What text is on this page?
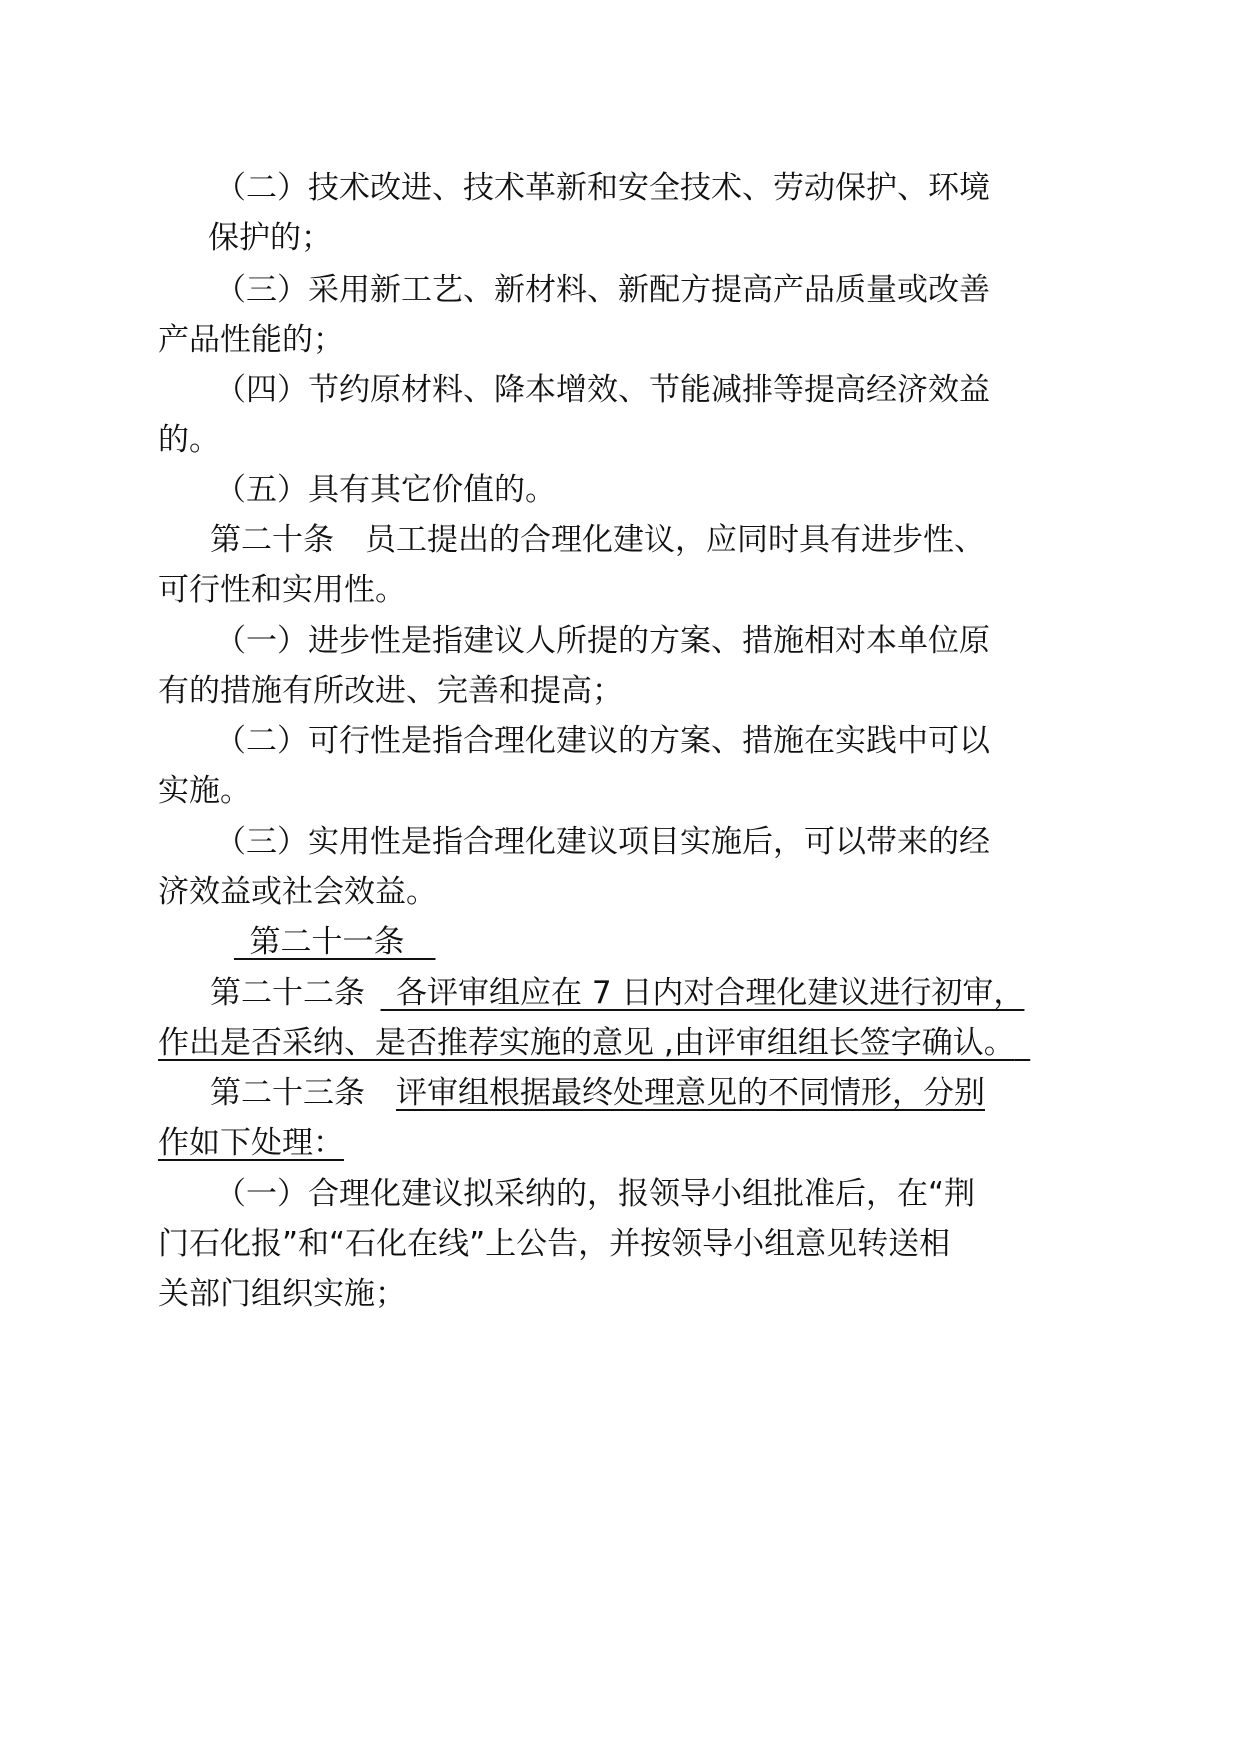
（二）技术改进、技术革新和安全技术、劳动保护、环境
保护的；
（三）采用新工艺、新材料、新配方提高产品质量或改善
产品性能的；
（四）节约原材料、降本增效、节能减排等提高经济效益
的。
（五）具有其它价值的。
第二十条　员工提出的合理化建议，应同时具有进步性、
可行性和实用性。
（一）进步性是指建议人所提的方案、措施相对本单位原
有的措施有所改进、完善和提高；
（二）可行性是指合理化建议的方案、措施在实践中可以
实施。
（三）实用性是指合理化建议项目实施后，可以带来的经
济效益或社会效益。
 第二十一条 
第二十二条   各评审组应在 7 日内对合理化建议进行初审，
作出是否采纳、是否推荐实施的意见 ,由评审组组长签字确认。 
第二十三条  评审组根据最终处理意见的不同情形，分别
作如下处理：
（一）合理化建议拟采纳的，报领导小组批准后，在“荆
门石化报”和“石化在线”上公告，并按领导小组意见转送相
关部门组织实施；
